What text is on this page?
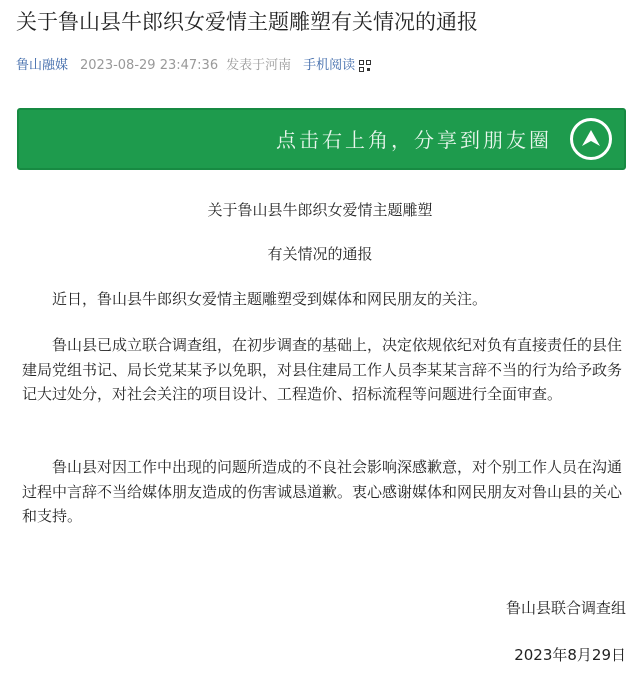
关于鲁山县牛郎织女爱情主题雕塑有关情况的通报
鲁山融媒 2023-08-29 23:47:36 发表于河南 手机阅读
点击右上角，分享到朋友圈
关于鲁山县牛郎织女爱情主题雕塑
有关情况的通报

近日，鲁山县牛郎织女爱情主题雕塑受到媒体和网民朋友的关注。

鲁山县已成立联合调查组，在初步调查的基础上，决定依规依纪对负有直接责任的县住建局党组书记、局长党某某予以免职，对县住建局工作人员李某某言辞不当的行为给予政务记大过处分，对社会关注的项目设计、工程造价、招标流程等问题进行全面审查。

鲁山县对因工作中出现的问题所造成的不良社会影响深感歉意，对个别工作人员在沟通过程中言辞不当给媒体朋友造成的伤害诚恳道歉。衷心感谢媒体和网民朋友对鲁山县的关心和支持。

鲁山县联合调查组
2023年8月29日
